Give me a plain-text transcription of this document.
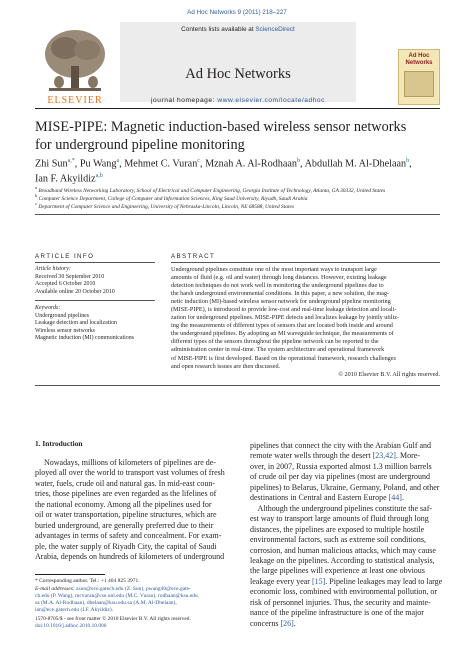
Ad Hoc Networks 9 (2011) 218–227
Contents lists available at ScienceDirect
Ad Hoc Networks
journal homepage: www.elsevier.com/locate/adhoc
ELSEVIER
Ad Hoc Networks
MISE-PIPE: Magnetic induction-based wireless sensor networks
for underground pipeline monitoring
Zhi Sun$^{a,*}$, Pu Wang$^a$, Mehmet C. Vuran$^c$, Mznah A. Al-Rodhaan$^b$, Abdullah M. Al-Dhelaan$^b$,
Ian F. Akyildiz$^{a,b}$
$^a$ Broadband Wireless Networking Laboratory, School of Electrical and Computer Engineering, Georgia Institute of Technology, Atlanta, GA 30332, United States
$^b$ Computer Science Department, College of Computer and Information Sciences, King Saud University, Riyadh, Saudi Arabia
$^c$ Department of Computer Science and Engineering, University of Nebraska-Lincoln, Lincoln, NE 68588, United States
ARTICLE INFO	ABSTRACT
Article history:
Received 30 September 2010
Accepted 6 October 2010
Available online 20 October 2010
Keywords:
Underground pipelines
Leakage detection and localization
Wireless sensor networks
Magnetic induction (MI) communications
Underground pipelines constitute one of the most important ways to transport large
amounts of fluid (e.g. oil and water) through long distances. However, existing leakage
detection techniques do not work well in monitoring the underground pipelines due to
the harsh underground environmental conditions. In this paper, a new solution, the mag-
netic induction (MI)-based wireless sensor network for underground pipeline monitoring
(MISE-PIPE), is introduced to provide low-cost and real-time leakage detection and locali-
zation for underground pipelines. MISE-PIPE detects and localizes leakage by jointly utiliz-
ing the measurements of different types of sensors that are located both inside and around
the underground pipelines. By adopting an MI waveguide technique, the measurements of
different types of the sensors throughout the pipeline network can be reported to the
administration center in real-time. The system architecture and operational framework
of MISE-PIPE is first developed. Based on the operational framework, research challenges
and open research issues are then discussed.
© 2010 Elsevier B.V. All rights reserved.
1. Introduction
Nowadays, millions of kilometers of pipelines are de-
ployed all over the world to transport vast volumes of fresh
water, fuels, crude oil and natural gas. In mid-east coun-
tries, those pipelines are even regarded as the lifelines of
the national economy. Among all the pipelines used for
oil or water transportation, pipeline structures, which are
buried underground, are generally preferred due to their
advantages in terms of safety and concealment. For exam-
ple, the water supply of Riyadh City, the capital of Saudi
Arabia, depends on hundreds of kilometers of underground
pipelines that connect the city with the Arabian Gulf and
remote water wells through the desert [23,42]. More-
over, in 2007, Russia exported almost 1.3 million barrels
of crude oil per day via pipelines (most are underground
pipelines) to Belarus, Ukraine, Germany, Poland, and other
destinations in Central and Eastern Europe [44].
Although the underground pipelines constitute the saf-
est way to transport large amounts of fluid through long
distances, the pipelines are exposed to multiple hostile
environmental factors, such as extreme soil conditions,
corrosion, and human malicious attacks, which may cause
leakage on the pipelines. According to statistical analysis,
the large pipelines will experience at least one obvious
leakage every year [15]. Pipeline leakages may lead to large
economic loss, combined with environmental pollution, or
risk of personnel injuries. Thus, the security and mainte-
nance of the pipeline infrastructure is one of the major
concerns [26].
* Corresponding author. Tel.: +1 404 825 3971.
E-mail addresses: zsun@ece.gatech.edu (Z. Sun), pwang40@ece.gate-
ch.edu (P. Wang), mcvuran@cse.unl.edu (M.C. Vuran), rodhaan@ksu.edu.
sa (M.A. Al-Rodhaan), dhelaan@ksu.edu.sa (A.M. Al-Dhelaan),
ian@ece.gatech.edu (I.F. Akyildiz).
1570-8705/$ - see front matter © 2010 Elsevier B.V. All rights reserved.
doi:10.1016/j.adhoc.2010.10.006
